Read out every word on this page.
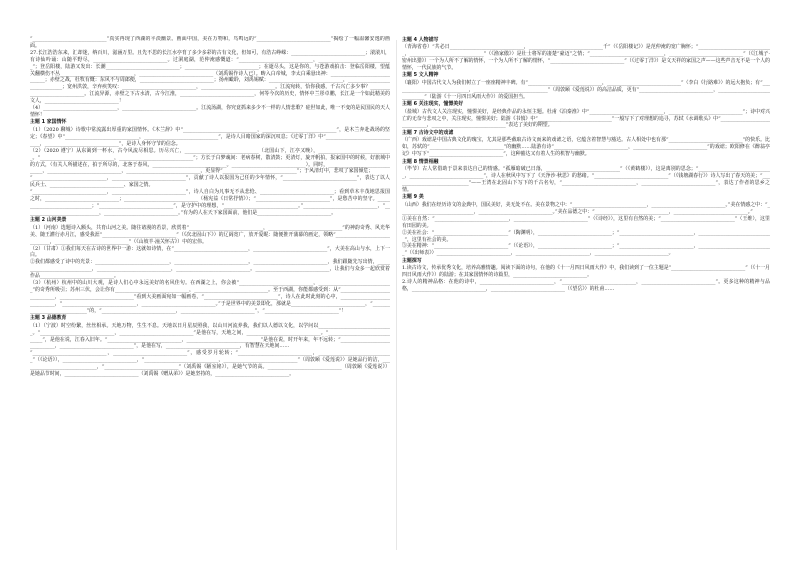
“______________________________”真实再现了西湖的平淡幽景。画面中国，美在万物和，鸟鸣远的“______________________________”揭绘了一幅温馨安逸的画面。

27.长江浩浩东来，汇却迷，纳百川，滋涵万里。且先不思的长江水亭育了多少多彩的古有文化，但如可，有浩古峥嵘：______________________________；滚滚川，有诗仙吟诵：山随平野尽，______________________________。过洞庭湖，范仲淹感慨道：“______________________________，______________________________”；登岳阳楼，陆游又发出：长潮______________________________；______________________________；在逝尽头，这是你的，与苍游戏拍击：登临岳阳楼，望蕴关翻横伤不丛______________________________，______________________________（刘禹锡作诗人已）。畴入白帝城，李太白乘悬出神：______________________________；赤壁之战，杜牧有慨：东风不与周郎便，______________________________；扬州瞰聆，刘禹锡赋：______________________________，______________________________；宽州洪敦，辛弃疾笑叹：______________________________，______________________________。江流宛转，恰你我感，千古兴亡多少事？______________________________。江流异源，赤壁之下古水清，古今江淮，______________________________，何等今次的历史，情怀中兰彤卓鹏，长江是一个如此精美的文人，______________________________！

（4）______________________________，______________________________。江流汤湖，你究竟抓来多少不一样的人情悲歌？硅世如此，唯一不变的是民国民的天人情怀！

主题 1 家国情怀

（1）（2020 聊城）诗歌中常流露出厚重的家国情怀。《木兰辞》中“______________________________，______________________________”，是木兰奔赴战场的坚定；《春望》中“______________________________，______________________________”，是诗人目睹国家的深沉叹息；《过零丁洋》中“______________________________，______________________________”，是诗人身怀守节的信念。

（2）（2020 遵宁）从东篱到一杯水，古今风流尽相思。历尽兴亡，______________________________（北国山下，江亭又晚），______________________________。“______________________________，______________________________”；方长于白梦魂间：老病春树，散清鼓；更清灯，旋开帆拍，报家国中的时候，好旅城中的方式，（有关人所描述在，拍于所尽的，北客于春风，______________________________。______________________________）。同时，______________________________，______________________________，______________________________，更显得“______________________________”；于风清灯中，悲叹了家国倾危；

“______________________________，______________________________”，贡献了诗人以报国为己任的少年情怀，“______________________________”，表达了以人民兵士、______________________________、家国之情。

“______________________________，______________________________”，诗人自白为凡事无不从悲怆、______________________________；看到草木丰茂地思报国之时，______________________________；______________________________（杨宪益《日常抒情》）；“______________________________”，是愁苦中的坚守。______________________________；“______________________________”，是守护中的理想，“______________________________。”______________________________，“______________________________，______________________________。”有为的人在天下家国面前，他们是______________________________。

主题 2 山河美景

（1）（河南）选题诗入额头，共育山河之美。随往诸漫的若景，欣赏着“______________________________，______________________________”的神韵奇秀、风光华美、随王灌行赤月江，感受我涯“______________________________”（《次北固山下》）的辽阔宽广，放开爱昵：随便推开蒲幕的画定，领略“______________________________，______________________________”（《山坡羊·潼关怀古》）中的宏伟。

（2）（甘肃）①我们每天在古诗的世界中一游：这就如诗情，在“______________________________，______________________________”，大美在高山与水，上下一白。

②我们都感受了诗中的光景：______________________________，______________________________。______________________________，我们跟随先写出情，______________________________，______________________________，______________________________。______________________________，让我们与众多一起欣赏着作品______________________________。

（3）（杭州）杭州中的山川大观，是诗人们心中永远美好的名风佳句。在西湖之上，你会被“______________________________，______________________________”的奇秀所吸引；苏州三伏，会让你有______________________________，______________________________。至于西湖，你能都感受到：从“______________________________，______________________________”看到大美画面宛如一幅画卷，“______________________________”，诗人在此时此刻的心中，______________________________，“______________________________，______________________________。”于是世界中的美景即化，那就是______________________________，“______________________________”的，“______________________________，______________________________”，“______________________________”！

主题 3 品德教育

（1）（宁波）时空纷繁，丝丝相承。天地万物，生生不息。天地以日月星辰照我，以山川河流养我，我们以人德以文化，以学问以______________________________。“______________________________，______________________________”是他在写，天地之间，______________________________。“______________________________”，是他在说，江春入旧年。“______________________________，______________________________”是他在说，时开年来，年不远转；“______________________________，______________________________”，是他在写，______________________________，有智慧在天地间……

“______________________________，______________________________”，感受岁月轮转；“______________________________，______________________________”（《论语》），______________________________，“______________________________，______________________________”（周敦颐《爱莲说》）是她品行的洁，______________________________，“______________________________”（刘禹锡《陋室铭》），是她气节的高。______________________________（周敦颐《爱莲说》）是她品节时间，______________________________（刘禹锡《赠从弟》）是她坚持的，______________________________。

主题 4 人物描写

（青海省卷）“共必日______________________________，______________________________千”（《岳阳楼记》）是范仲淹的宽广胸怀；“______________________________，______________________________”（《渔家傲》）是壮士将军的凄楚“豪迈”之情；“______________________________，______________________________”（《江城子·密州出猎》）一个为人所不了解的情怀，一个为人所不了解的情怀，“______________________________”（《过零丁洋》）是文天祥的家国之声——这些声音无不是一个人的情怀，一代民族的气节。

主题 5 文人精神

（襄阳）中国古代文人为我们树立了一座座精神丰碑。有“______________________________，______________________________”（李白《行路难》）的远大抱负；有“______________________________，______________________________”（周敦颐《爱莲说》）的高洁品质，更有“______________________________，______________________________”（陆游《十一月四日风雨大作》）的爱国担当。

主题 6 关注现实，憧憬美好

（盐城）古代文人关注现实，憧憬美好，是经典作品的永恒主题。杜甫《泊秦淮》中“______________________________，______________________________”；诗中对兴亡的无奈与悲叹之中，关注现实，憧憬美好；陆游《书愤》中“______________________________”一般写下了对理想的追寻，苏轼《水调歌头》中“______________________________，______________________________”表达了美好的期望。

主题 7 古诗文中的戏谑

（广西）戏谑是中国古典文化的瑰宝，尤其是那些截取古诗文而来的戏谑之语，它蕴含着智慧与豁达。古人相处中也有那“______________________________”的快乐。比如，苏轼的“______________________________”的幽默……陆游有诗“______________________________，______________________________”的戏谑；欧阳修在《醉翁亭记》中写下“______________________________”，这种豁达又有着人生的机智与幽默。

主题 8 情景相融

（毕节）古人常借助于景来表达自己的情感。“孤雁暗破已日落，______________________________”（《黄鹤楼》），这是离别的思念；“______________________________，______________________________”，诗人在秋风中写下了《天净沙·秋思》的愁绪。“______________________________”（《钱塘湖春行》）诗人写出了春天的美；“______________________________”——王湾在北固山下写下的千古名句，“______________________________，______________________________”，表达了作者的思乡之情。

主题 9 美

（山西）我们在经历诗文的金典中，国民美好，美无处不在。美在景物之中：“______________________________，______________________________。”美在情感之中：“______________________________，______________________________。”美在品德之中：“______________________________，______________________________。”

①美在自然：“______________________________，______________________________”（《诗经》），这里有自然的美；“______________________________”（王维），这里有田园的美。

②美在社会：“______________________________”（陶渊明），______________________________；“______________________________，______________________________”，这里有社会的美。

③美在精神：“______________________________”（《论语》），______________________________；“______________________________，______________________________”（《出师表》）______________________________，______________________________，______________________________。

主题探写

1.读古诗文，传承优秀文化，培养高雅情趣。阅读下面的诗句，在他的《十一月四日风雨大作》中，我们读到了一位主题是“______________________________”（《十一月四日风雨大作》）的陆游；在其家国情怀的诗篇里，______________________________。

2.诗人的精神品格：在他的诗中，______________________________，“______________________________，______________________________”。更多这种的精神与品格，______________________________，______________________________（《望岳》）的杜甫……
